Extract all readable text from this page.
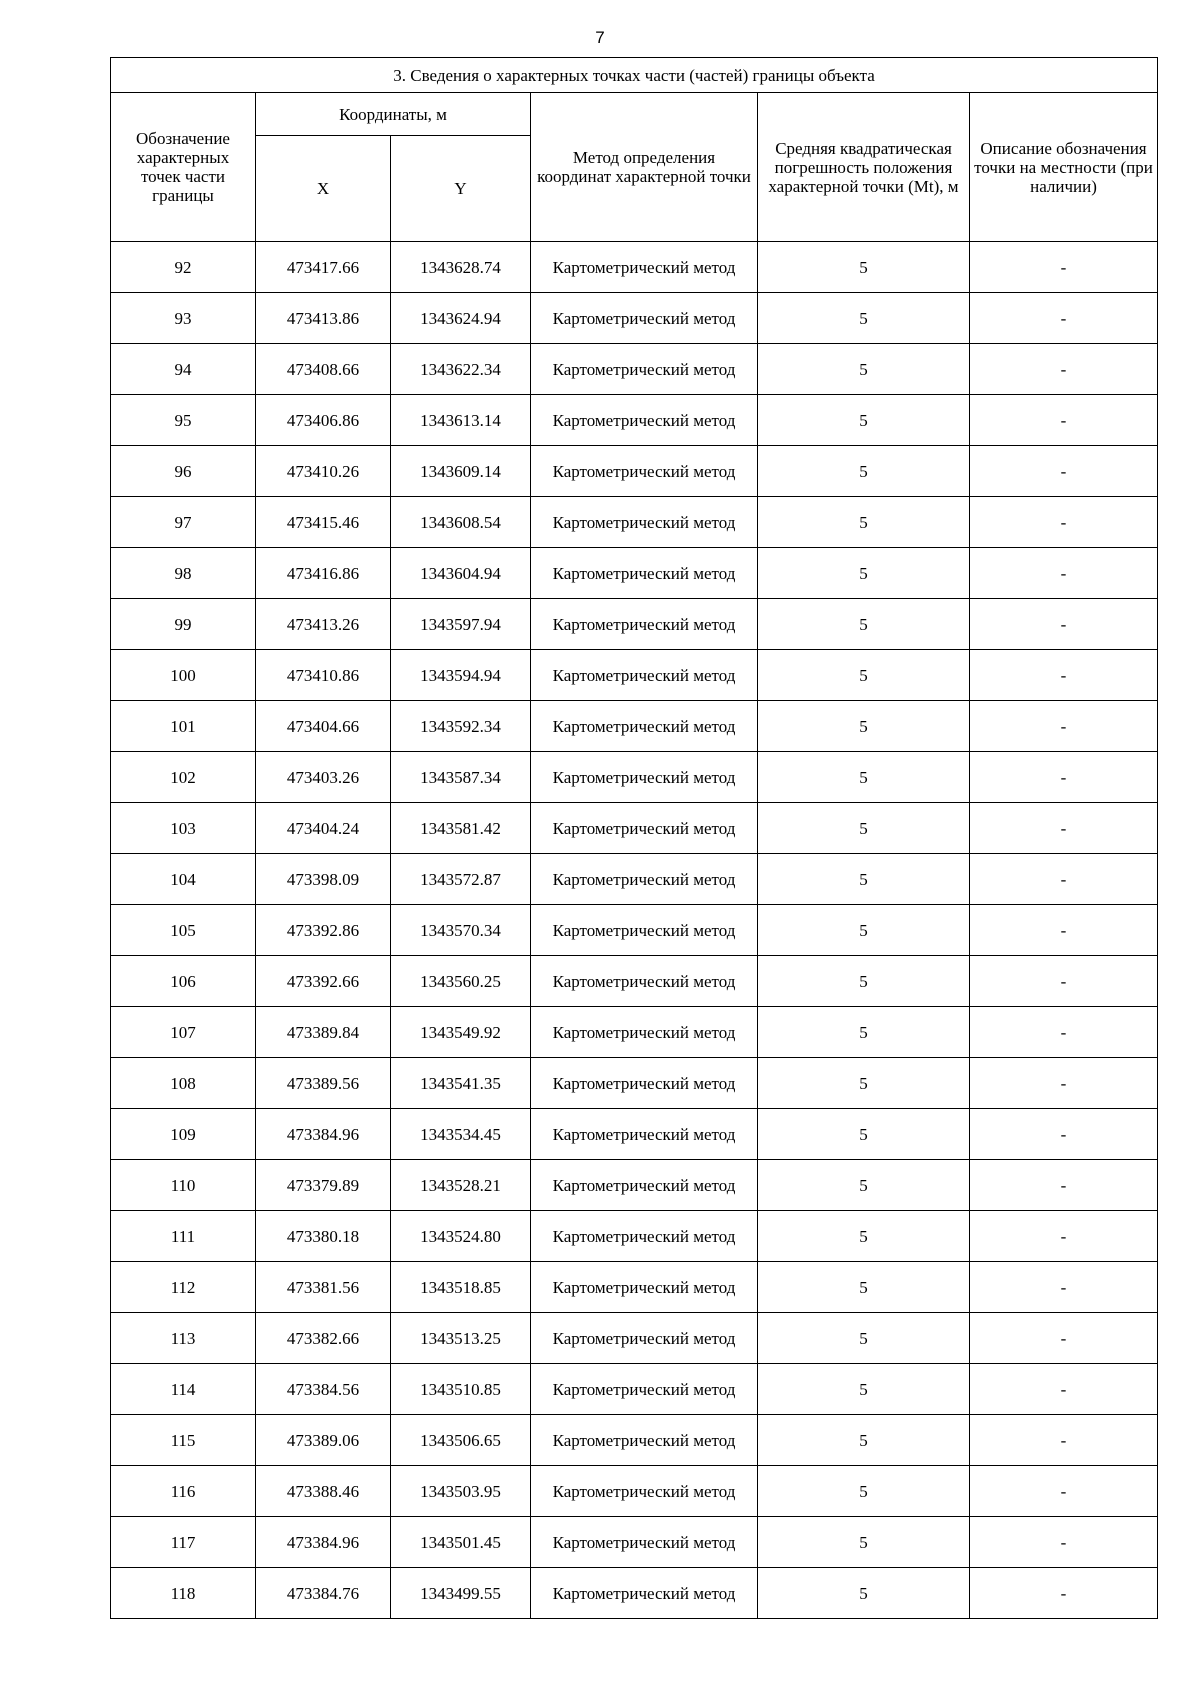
7
3. Сведения о характерных точках части (частей) границы объекта					
Обозначение характерных точек части границы	Координаты, м		Метод определения координат характерной точки	Средняя квадратическая погрешность положения характерной точки (Mt), м	Описание обозначения точки на местности (при наличии)
	X	Y			
92	473417.66	1343628.74	Картометрический метод	5	-
93	473413.86	1343624.94	Картометрический метод	5	-
94	473408.66	1343622.34	Картометрический метод	5	-
95	473406.86	1343613.14	Картометрический метод	5	-
96	473410.26	1343609.14	Картометрический метод	5	-
97	473415.46	1343608.54	Картометрический метод	5	-
98	473416.86	1343604.94	Картометрический метод	5	-
99	473413.26	1343597.94	Картометрический метод	5	-
100	473410.86	1343594.94	Картометрический метод	5	-
101	473404.66	1343592.34	Картометрический метод	5	-
102	473403.26	1343587.34	Картометрический метод	5	-
103	473404.24	1343581.42	Картометрический метод	5	-
104	473398.09	1343572.87	Картометрический метод	5	-
105	473392.86	1343570.34	Картометрический метод	5	-
106	473392.66	1343560.25	Картометрический метод	5	-
107	473389.84	1343549.92	Картометрический метод	5	-
108	473389.56	1343541.35	Картометрический метод	5	-
109	473384.96	1343534.45	Картометрический метод	5	-
110	473379.89	1343528.21	Картометрический метод	5	-
111	473380.18	1343524.80	Картометрический метод	5	-
112	473381.56	1343518.85	Картометрический метод	5	-
113	473382.66	1343513.25	Картометрический метод	5	-
114	473384.56	1343510.85	Картометрический метод	5	-
115	473389.06	1343506.65	Картометрический метод	5	-
116	473388.46	1343503.95	Картометрический метод	5	-
117	473384.96	1343501.45	Картометрический метод	5	-
118	473384.76	1343499.55	Картометрический метод	5	-
